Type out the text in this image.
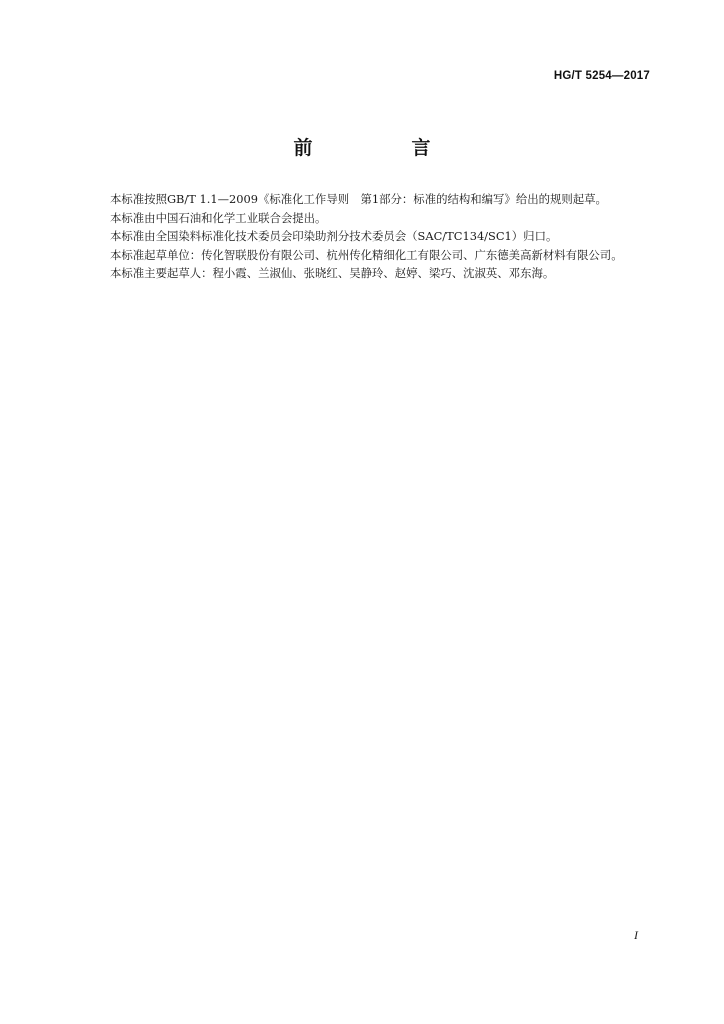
HG/T 5254—2017
前　言

本标准按照GB/T 1.1—2009《标准化工作导则　第1部分：标准的结构和编写》给出的规则起草。

本标准由中国石油和化学工业联合会提出。

本标准由全国染料标准化技术委员会印染助剂分技术委员会（SAC/TC134/SC1）归口。

本标准起草单位：传化智联股份有限公司、杭州传化精细化工有限公司、广东德美高新材料有限公司。

本标准主要起草人：程小霞、兰淑仙、张晓红、吴静玲、赵婷、梁巧、沈淑英、邓东海。

I
